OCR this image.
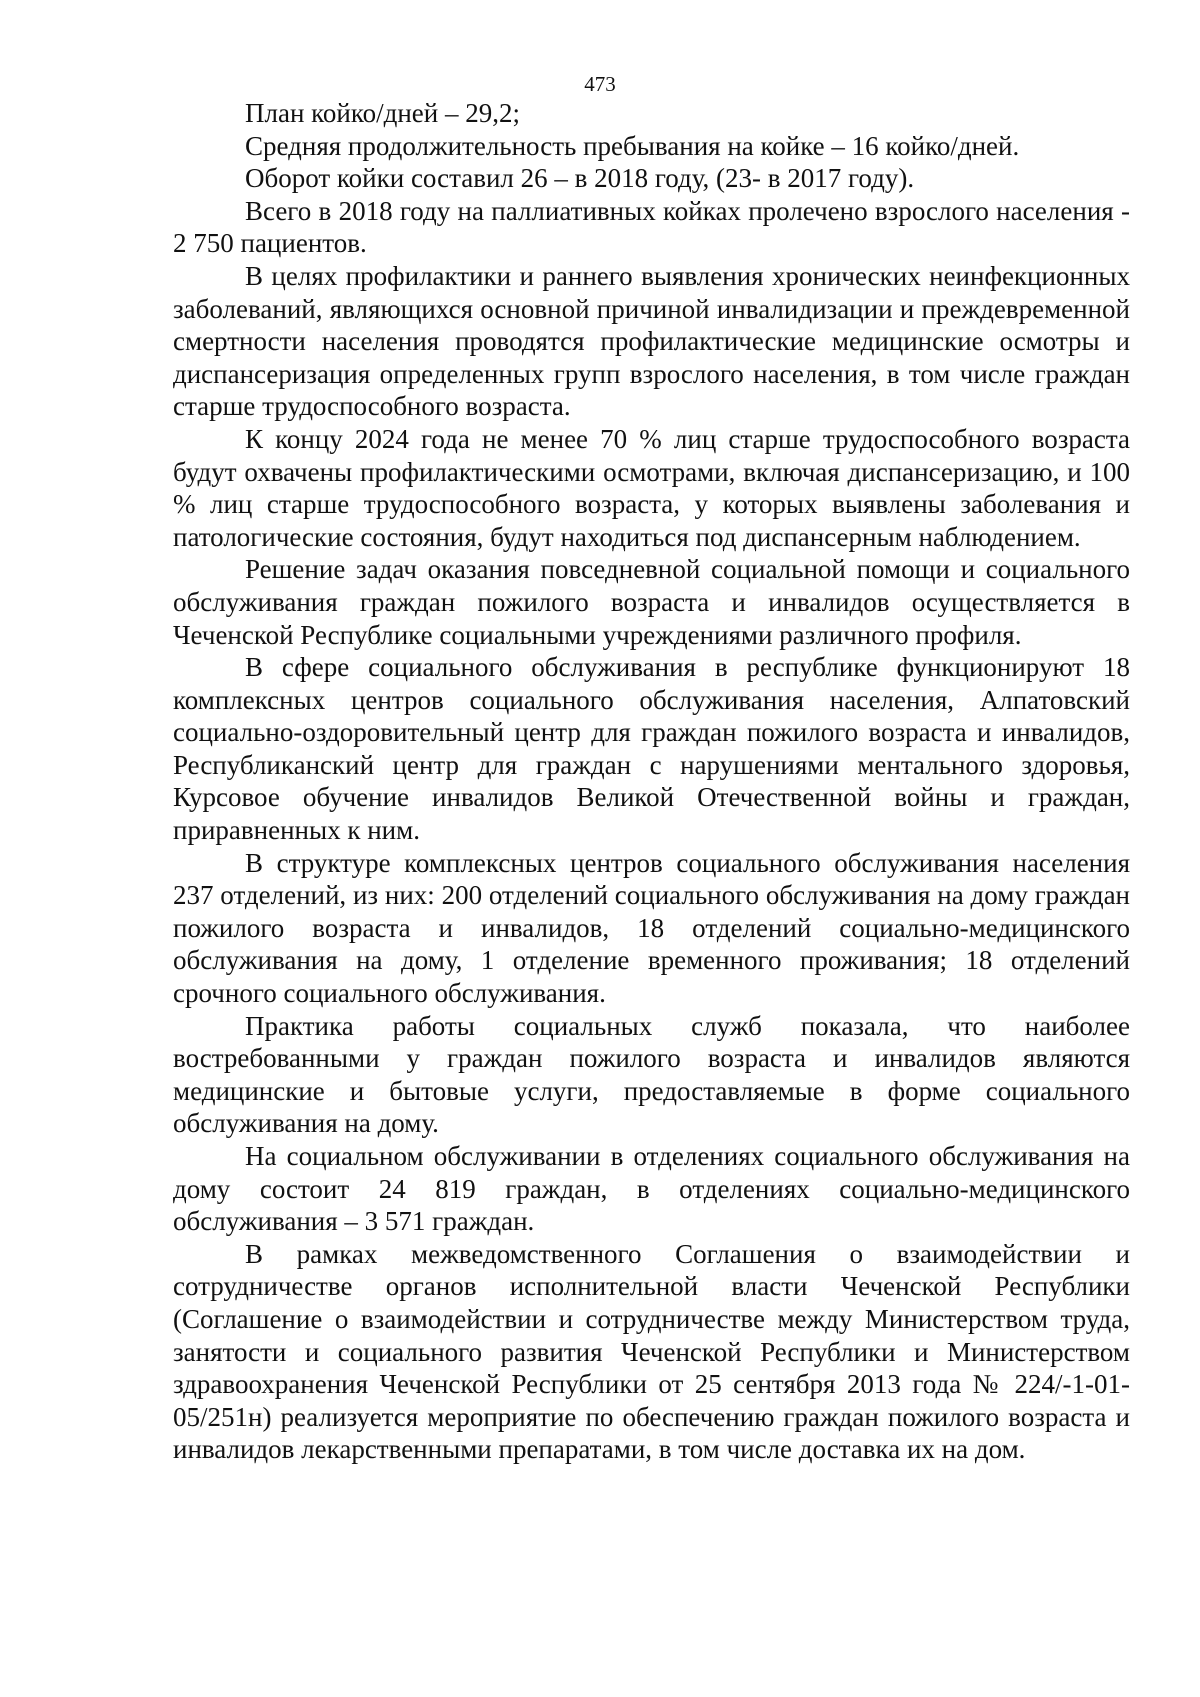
473

План койко/дней – 29,2;

Средняя продолжительность пребывания на койке – 16 койко/дней.

Оборот койки составил 26 – в 2018 году, (23- в 2017 году).

Всего в 2018 году на паллиативных койках пролечено взрослого населения - 2 750 пациентов.

В целях профилактики и раннего выявления хронических неинфекционных заболеваний, являющихся основной причиной инвалидизации и преждевременной смертности населения проводятся профилактические медицинские осмотры и диспансеризация определенных групп взрослого населения, в том числе граждан старше трудоспособного возраста.

К концу 2024 года не менее 70 % лиц старше трудоспособного возраста будут охвачены профилактическими осмотрами, включая диспансеризацию, и 100 % лиц старше трудоспособного возраста, у которых выявлены заболевания и патологические состояния, будут находиться под диспансерным наблюдением.

Решение задач оказания повседневной социальной помощи и социального обслуживания граждан пожилого возраста и инвалидов осуществляется в Чеченской Республике социальными учреждениями различного профиля.

В сфере социального обслуживания в республике функционируют 18 комплексных центров социального обслуживания населения, Алпатовский социально-оздоровительный центр для граждан пожилого возраста и инвалидов, Республиканский центр для граждан с нарушениями ментального здоровья, Курсовое обучение инвалидов Великой Отечественной войны и граждан, приравненных к ним.

В структуре комплексных центров социального обслуживания населения 237 отделений, из них: 200 отделений социального обслуживания на дому граждан пожилого возраста и инвалидов, 18 отделений социально-медицинского обслуживания на дому, 1 отделение временного проживания; 18 отделений срочного социального обслуживания.

Практика работы социальных служб показала, что наиболее востребованными у граждан пожилого возраста и инвалидов являются медицинские и бытовые услуги, предоставляемые в форме социального обслуживания на дому.

На социальном обслуживании в отделениях социального обслуживания на дому состоит 24 819 граждан, в отделениях социально-медицинского обслуживания – 3 571 граждан.

В рамках межведомственного Соглашения о взаимодействии и сотрудничестве органов исполнительной власти Чеченской Республики (Соглашение о взаимодействии и сотрудничестве между Министерством труда, занятости и социального развития Чеченской Республики и Министерством здравоохранения Чеченской Республики от 25 сентября 2013 года № 224/-1-01-05/251н) реализуется мероприятие по обеспечению граждан пожилого возраста и инвалидов лекарственными препаратами, в том числе доставка их на дом.
